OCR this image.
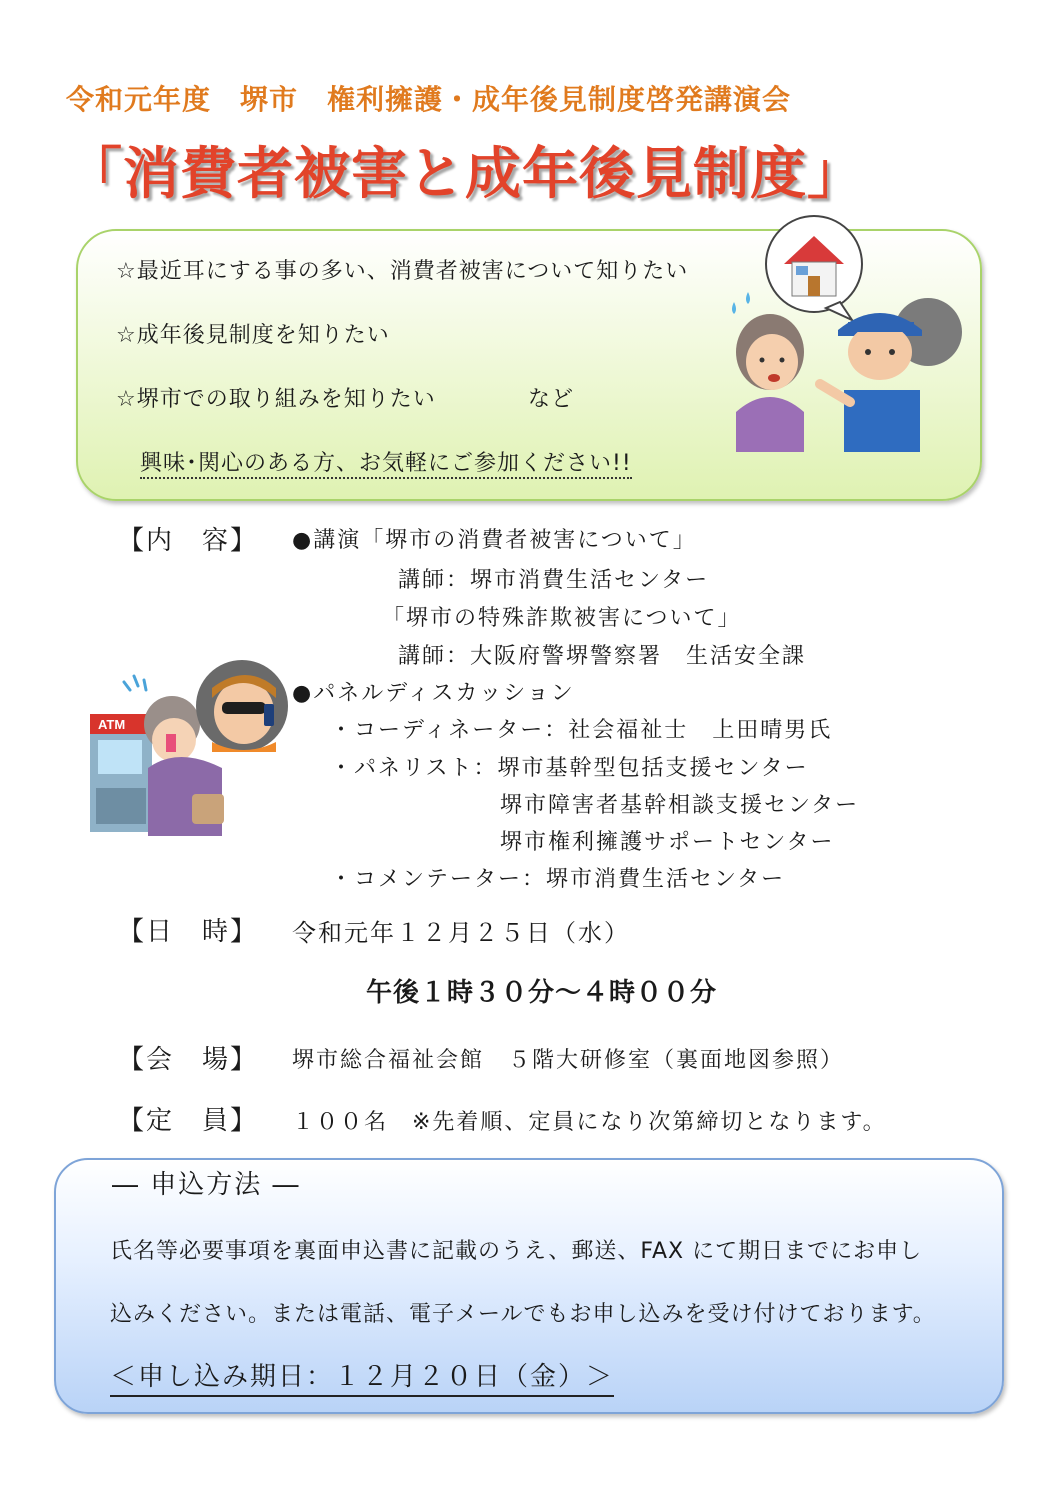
令和元年度　堺市　権利擁護・成年後見制度啓発講演会
「消費者被害と成年後見制度」
☆最近耳にする事の多い、消費者被害について知りたい
☆成年後見制度を知りたい
☆堺市での取り組みを知りたい	など
興味･関心のある方、お気軽にご参加ください!!
【内　容】 ●講演「堺市の消費者被害について」
講師：堺市消費生活センター
「堺市の特殊詐欺被害について」
講師：大阪府警堺警察署　生活安全課
●パネルディスカッション
・コーディネーター：社会福祉士　上田晴男氏
・パネリスト：堺市基幹型包括支援センター
堺市障害者基幹相談支援センター
堺市権利擁護サポートセンター
・コメンテーター：堺市消費生活センター
ATM
【日　時】 令和元年１２月２５日（水）
午後１時３０分～４時００分
【会　場】 堺市総合福祉会館　５階大研修室（裏面地図参照）
【定　員】 １００名　※先着順、定員になり次第締切となります。
― 申込方法 ―
氏名等必要事項を裏面申込書に記載のうえ、郵送、FAX にて期日までにお申し
込みください。または電話、電子メールでもお申し込みを受け付けております。
＜申し込み期日：１２月２０日（金）＞
